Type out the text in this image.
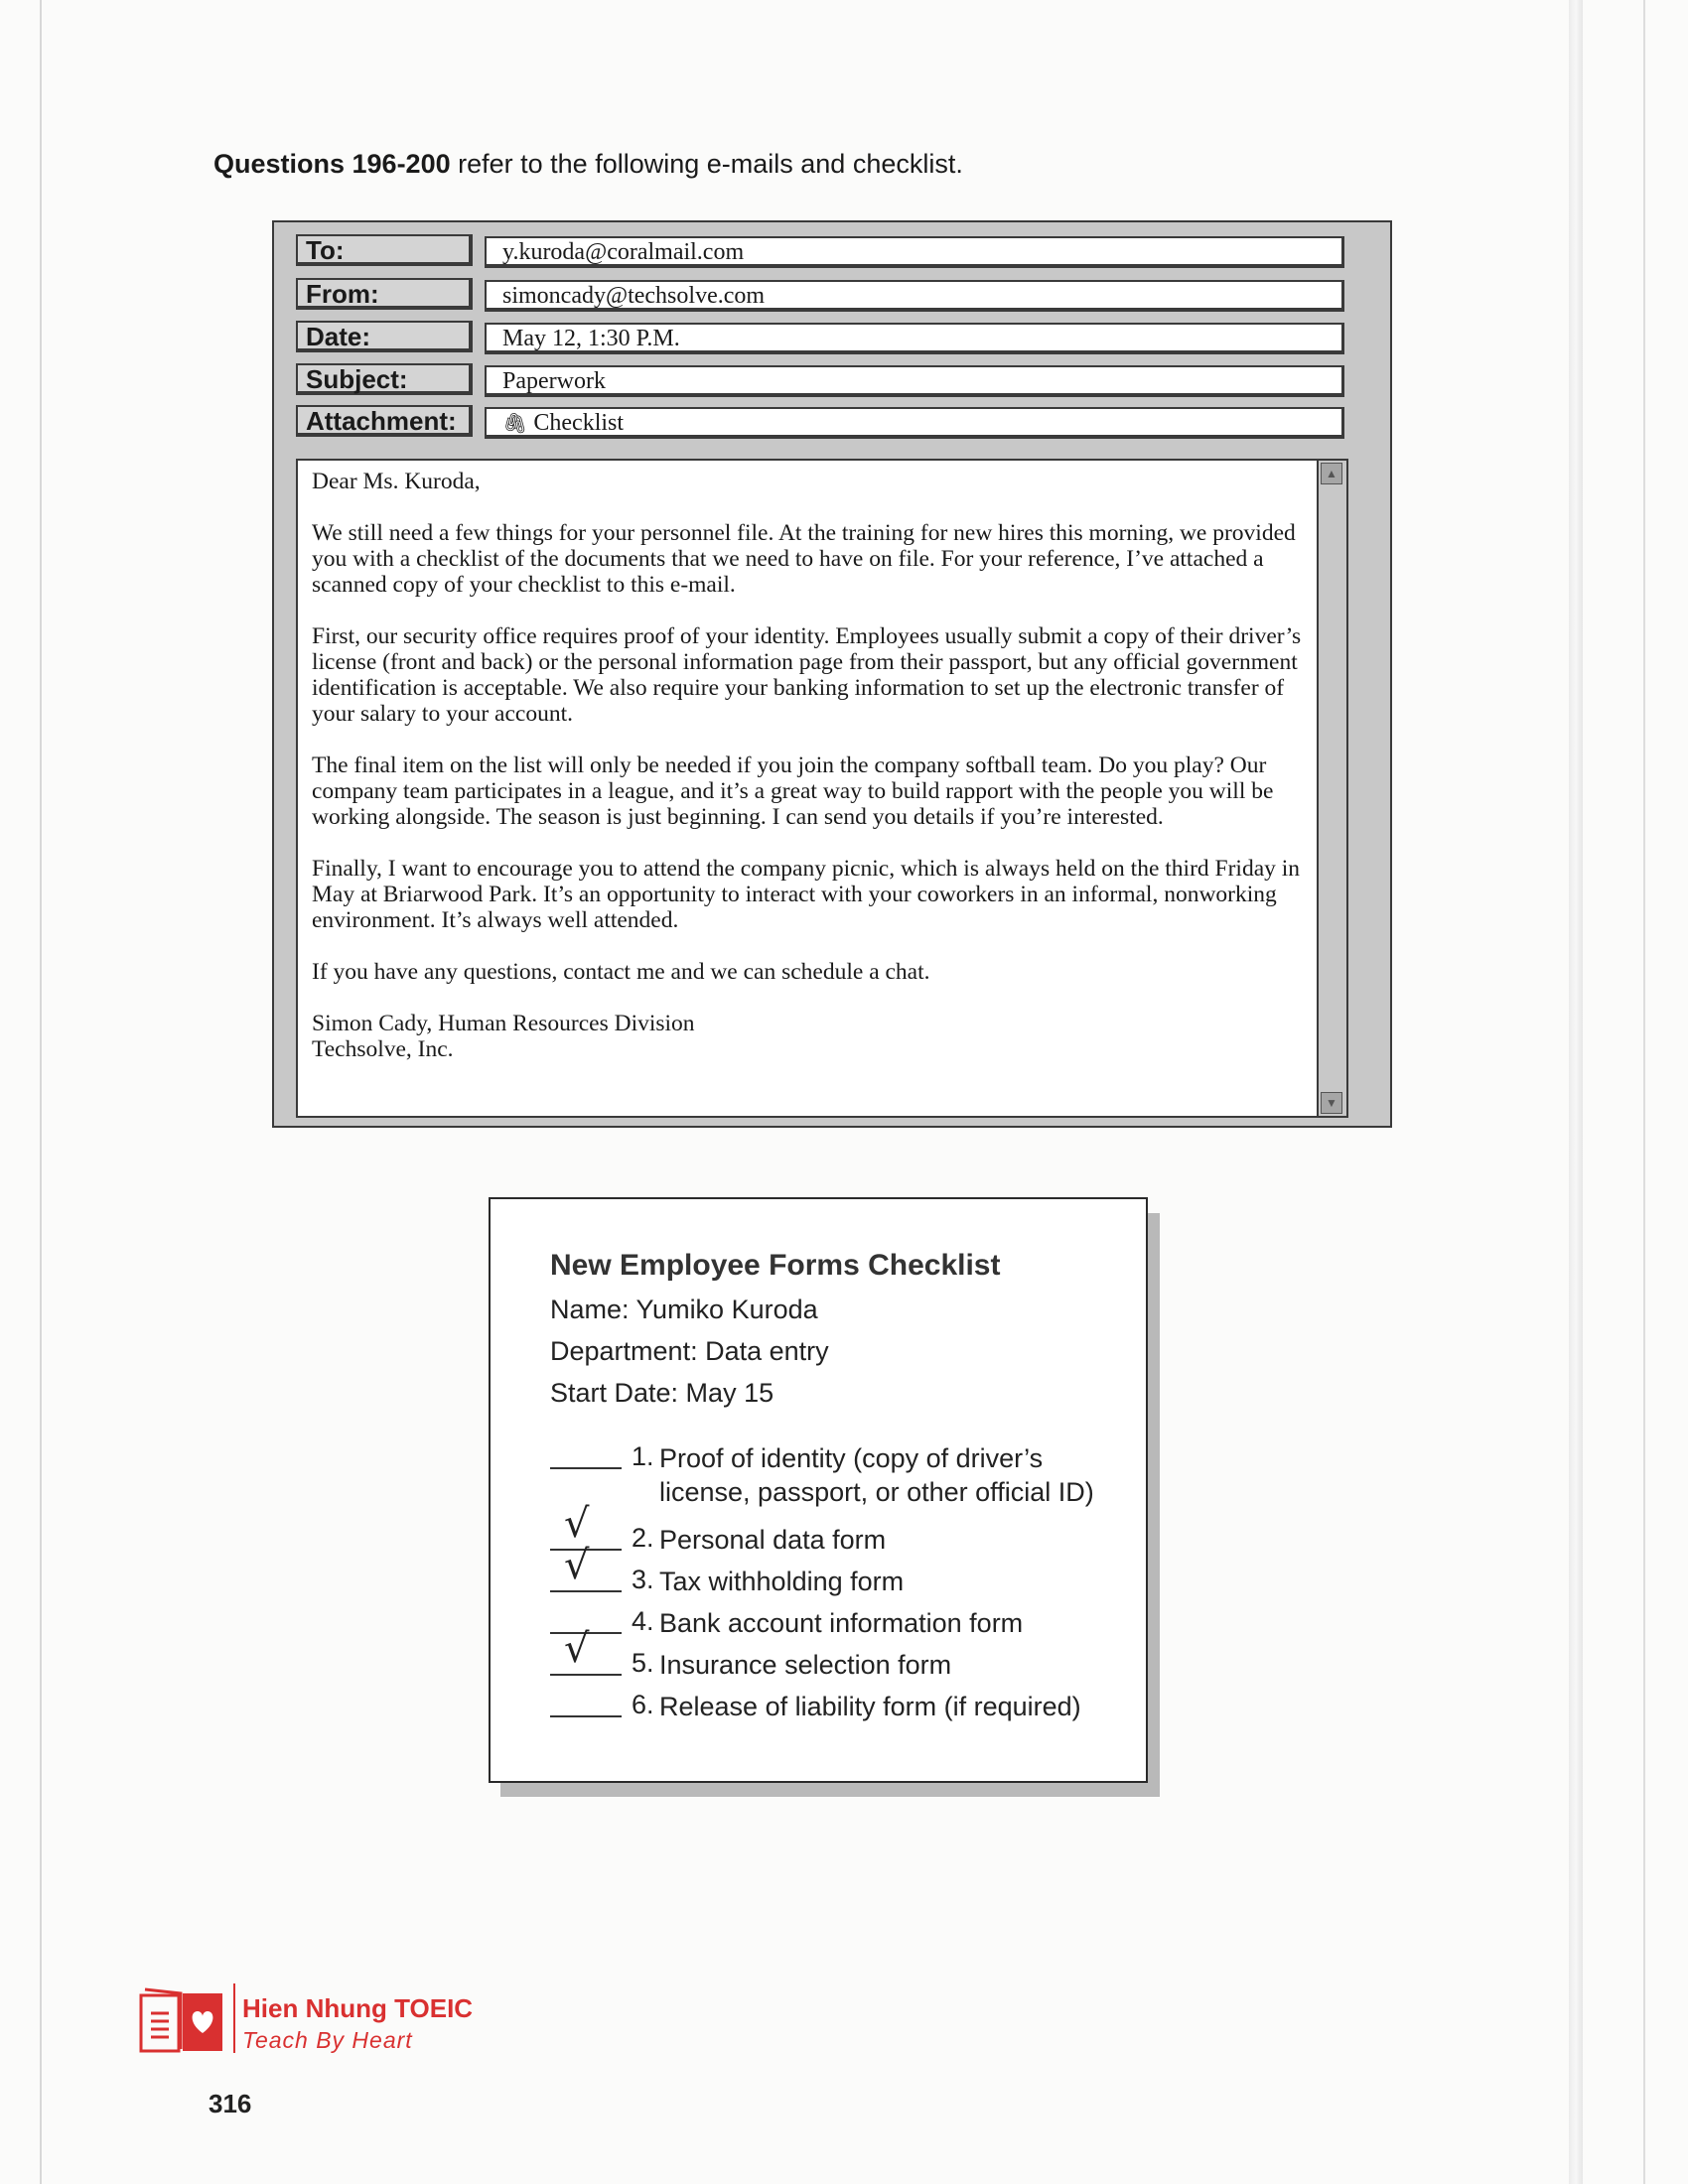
Questions 196-200 refer to the following e-mails and checklist.
To:	y.kuroda@coralmail.com
From:	simoncady@techsolve.com
Date:	May 12, 1:30 P.M.
Subject:	Paperwork
Attachment:	🖇 Checklist

Dear Ms. Kuroda,

We still need a few things for your personnel file. At the training for new hires this morning, we provided you with a checklist of the documents that we need to have on file. For your reference, I’ve attached a scanned copy of your checklist to this e-mail.

First, our security office requires proof of your identity. Employees usually submit a copy of their driver’s license (front and back) or the personal information page from their passport, but any official government identification is acceptable. We also require your banking information to set up the electronic transfer of your salary to your account.

The final item on the list will only be needed if you join the company softball team. Do you play? Our company team participates in a league, and it’s a great way to build rapport with the people you will be working alongside. The season is just beginning. I can send you details if you’re interested.

Finally, I want to encourage you to attend the company picnic, which is always held on the third Friday in May at Briarwood Park. It’s an opportunity to interact with your coworkers in an informal, nonworking environment. It’s always well attended.

If you have any questions, contact me and we can schedule a chat.

Simon Cady, Human Resources Division

Techsolve, Inc.

▲
▼
New Employee Forms Checklist
Name: Yumiko Kuroda
Department: Data entry
Start Date: May 15
1. Proof of identity (copy of driver’s license, passport, or other official ID)
√ 2. Personal data form
√ 3. Tax withholding form
4. Bank account information form
√ 5. Insurance selection form
6. Release of liability form (if required)
Hien Nhung TOEIC
Teach By Heart
316
